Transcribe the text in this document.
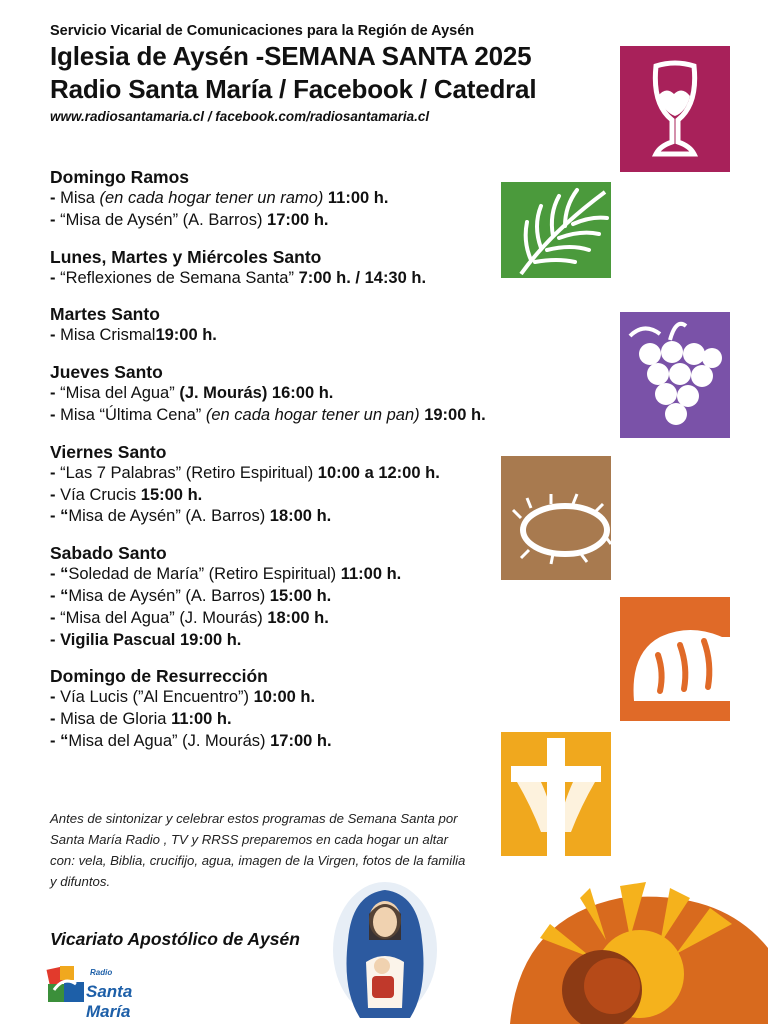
Servicio Vicarial de Comunicaciones para la Región de Aysén

Iglesia de Aysén -SEMANA SANTA 2025

Radio Santa María / Facebook / Catedral

www.radiosantamaria.cl / facebook.com/radiosantamaria.cl

Domingo Ramos

- Misa (en cada hogar tener un ramo) 11:00 h.

- “Misa de Aysén” (A. Barros) 17:00 h.

Lunes, Martes y Miércoles Santo

- “Reflexiones de Semana Santa” 7:00 h. / 14:30 h.

Martes Santo

- Misa Crismal19:00 h.

Jueves Santo

- “Misa del Agua” (J. Mourás) 16:00 h.

- Misa “Última Cena” (en cada hogar tener un pan) 19:00 h.

Viernes Santo

- “Las 7 Palabras” (Retiro Espiritual) 10:00 a 12:00 h.

- Vía Crucis 15:00 h.

- “Misa de Aysén” (A. Barros) 18:00 h.

Sabado Santo

- “Soledad de María” (Retiro Espiritual) 11:00 h.

- “Misa de Aysén” (A. Barros) 15:00 h.

- “Misa del Agua” (J. Mourás) 18:00 h.

- Vigilia Pascual 19:00 h.

Domingo de Resurrección

- Vía Lucis (”Al Encuentro”) 10:00 h.

- Misa de Gloria 11:00 h.

- “Misa del Agua” (J. Mourás) 17:00 h.

Antes de sintonizar y celebrar estos programas de Semana Santa por Santa María Radio , TV y RRSS preparemos en cada hogar un altar con: vela, Biblia, crucifijo, agua, imagen de la Virgen, fotos de la familia y difuntos.

Vicariato Apostólico de Aysén

Radio
Santa María
